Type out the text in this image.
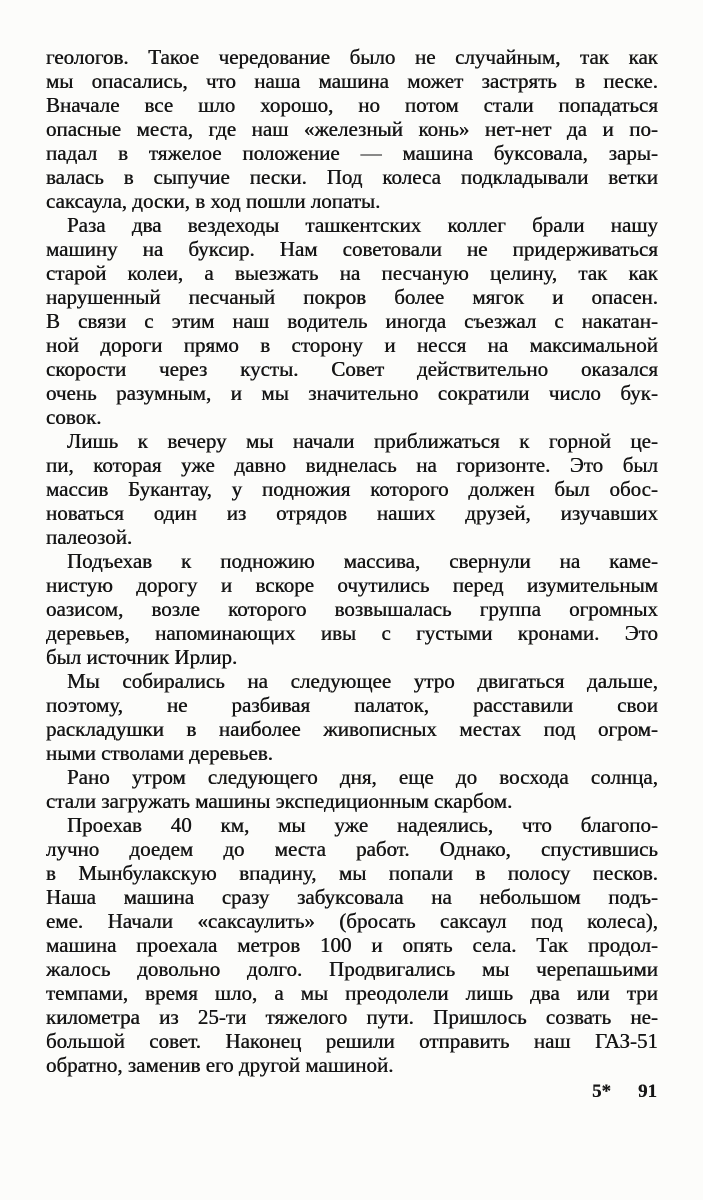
геологов. Такое чередование было не случайным, так как
мы опасались, что наша машина может застрять в песке.
Вначале все шло хорошо, но потом стали попадаться
опасные места, где наш «железный конь» нет-нет да и по-
падал в тяжелое положение — машина буксовала, зары-
валась в сыпучие пески. Под колеса подкладывали ветки
саксаула, доски, в ход пошли лопаты.
Раза два вездеходы ташкентских коллег брали нашу
машину на буксир. Нам советовали не придерживаться
старой колеи, а выезжать на песчаную целину, так как
нарушенный песчаный покров более мягок и опасен.
В связи с этим наш водитель иногда съезжал с накатан-
ной дороги прямо в сторону и несся на максимальной
скорости через кусты. Совет действительно оказался
очень разумным, и мы значительно сократили число бук-
совок.
Лишь к вечеру мы начали приближаться к горной це-
пи, которая уже давно виднелась на горизонте. Это был
массив Букантау, у подножия которого должен был обос-
новаться один из отрядов наших друзей, изучавших
палеозой.
Подъехав к подножию массива, свернули на каме-
нистую дорогу и вскоре очутились перед изумительным
оазисом, возле которого возвышалась группа огромных
деревьев, напоминающих ивы с густыми кронами. Это
был источник Ирлир.
Мы собирались на следующее утро двигаться дальше,
поэтому, не разбивая палаток, расставили свои
раскладушки в наиболее живописных местах под огром-
ными стволами деревьев.
Рано утром следующего дня, еще до восхода солнца,
стали загружать машины экспедиционным скарбом.
Проехав 40 км, мы уже надеялись, что благопо-
лучно доедем до места работ. Однако, спустившись
в Мынбулакскую впадину, мы попали в полосу песков.
Наша машина сразу забуксовала на небольшом подъ-
еме. Начали «саксаулить» (бросать саксаул под колеса),
машина проехала метров 100 и опять села. Так продол-
жалось довольно долго. Продвигались мы черепашьими
темпами, время шло, а мы преодолели лишь два или три
километра из 25-ти тяжелого пути. Пришлось созвать не-
большой совет. Наконец решили отправить наш ГАЗ-51
обратно, заменив его другой машиной.
5* 91
